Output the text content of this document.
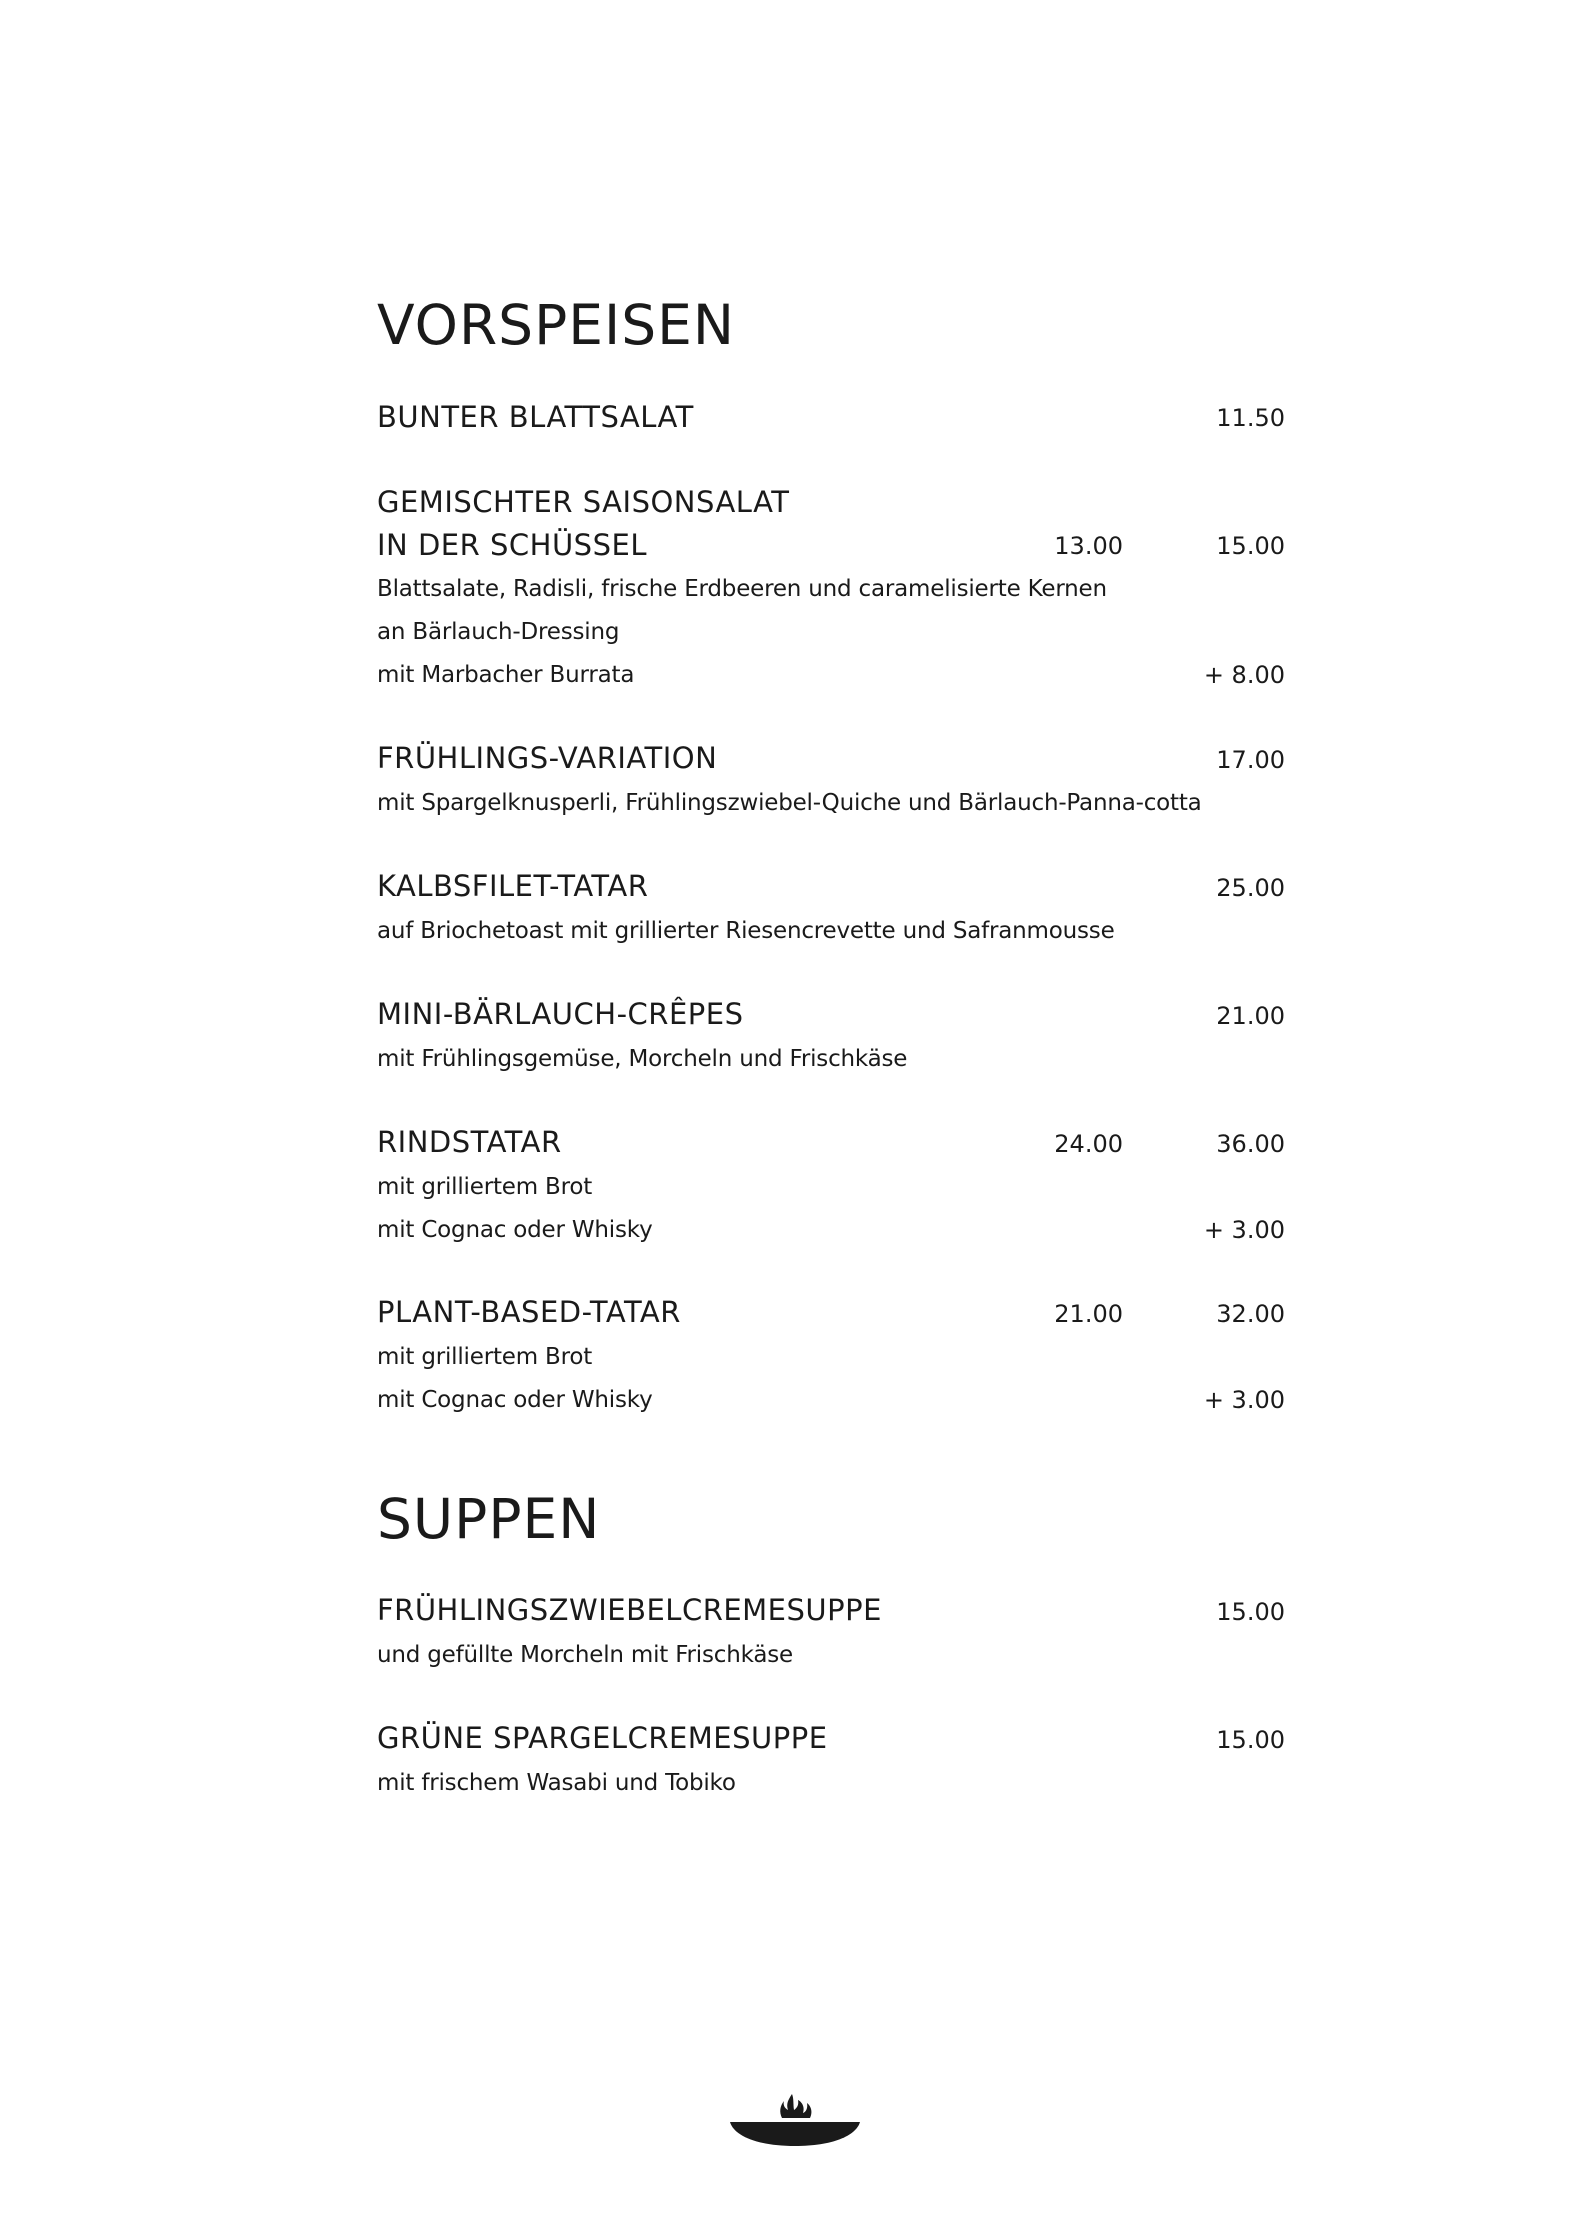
VORSPEISEN
BUNTER BLATTSALAT	11.50
GEMISCHTER SAISONSALAT
IN DER SCHÜSSEL	13.00	15.00
Blattsalate, Radisli, frische Erdbeeren und caramelisierte Kernen
an Bärlauch-Dressing
mit Marbacher Burrata	+ 8.00
FRÜHLINGS-VARIATION	17.00
mit Spargelknusperli, Frühlingszwiebel-Quiche und Bärlauch-Panna-cotta
KALBSFILET-TATAR	25.00
auf Briochetoast mit grillierter Riesencrevette und Safranmousse
MINI-BÄRLAUCH-CRÊPES	21.00
mit Frühlingsgemüse, Morcheln und Frischkäse
RINDSTATAR	24.00	36.00
mit grilliertem Brot
mit Cognac oder Whisky	+ 3.00
PLANT-BASED-TATAR	21.00	32.00
mit grilliertem Brot
mit Cognac oder Whisky	+ 3.00
SUPPEN
FRÜHLINGSZWIEBELCREMESUPPE	15.00
und gefüllte Morcheln mit Frischkäse
GRÜNE SPARGELCREMESUPPE	15.00
mit frischem Wasabi und Tobiko
